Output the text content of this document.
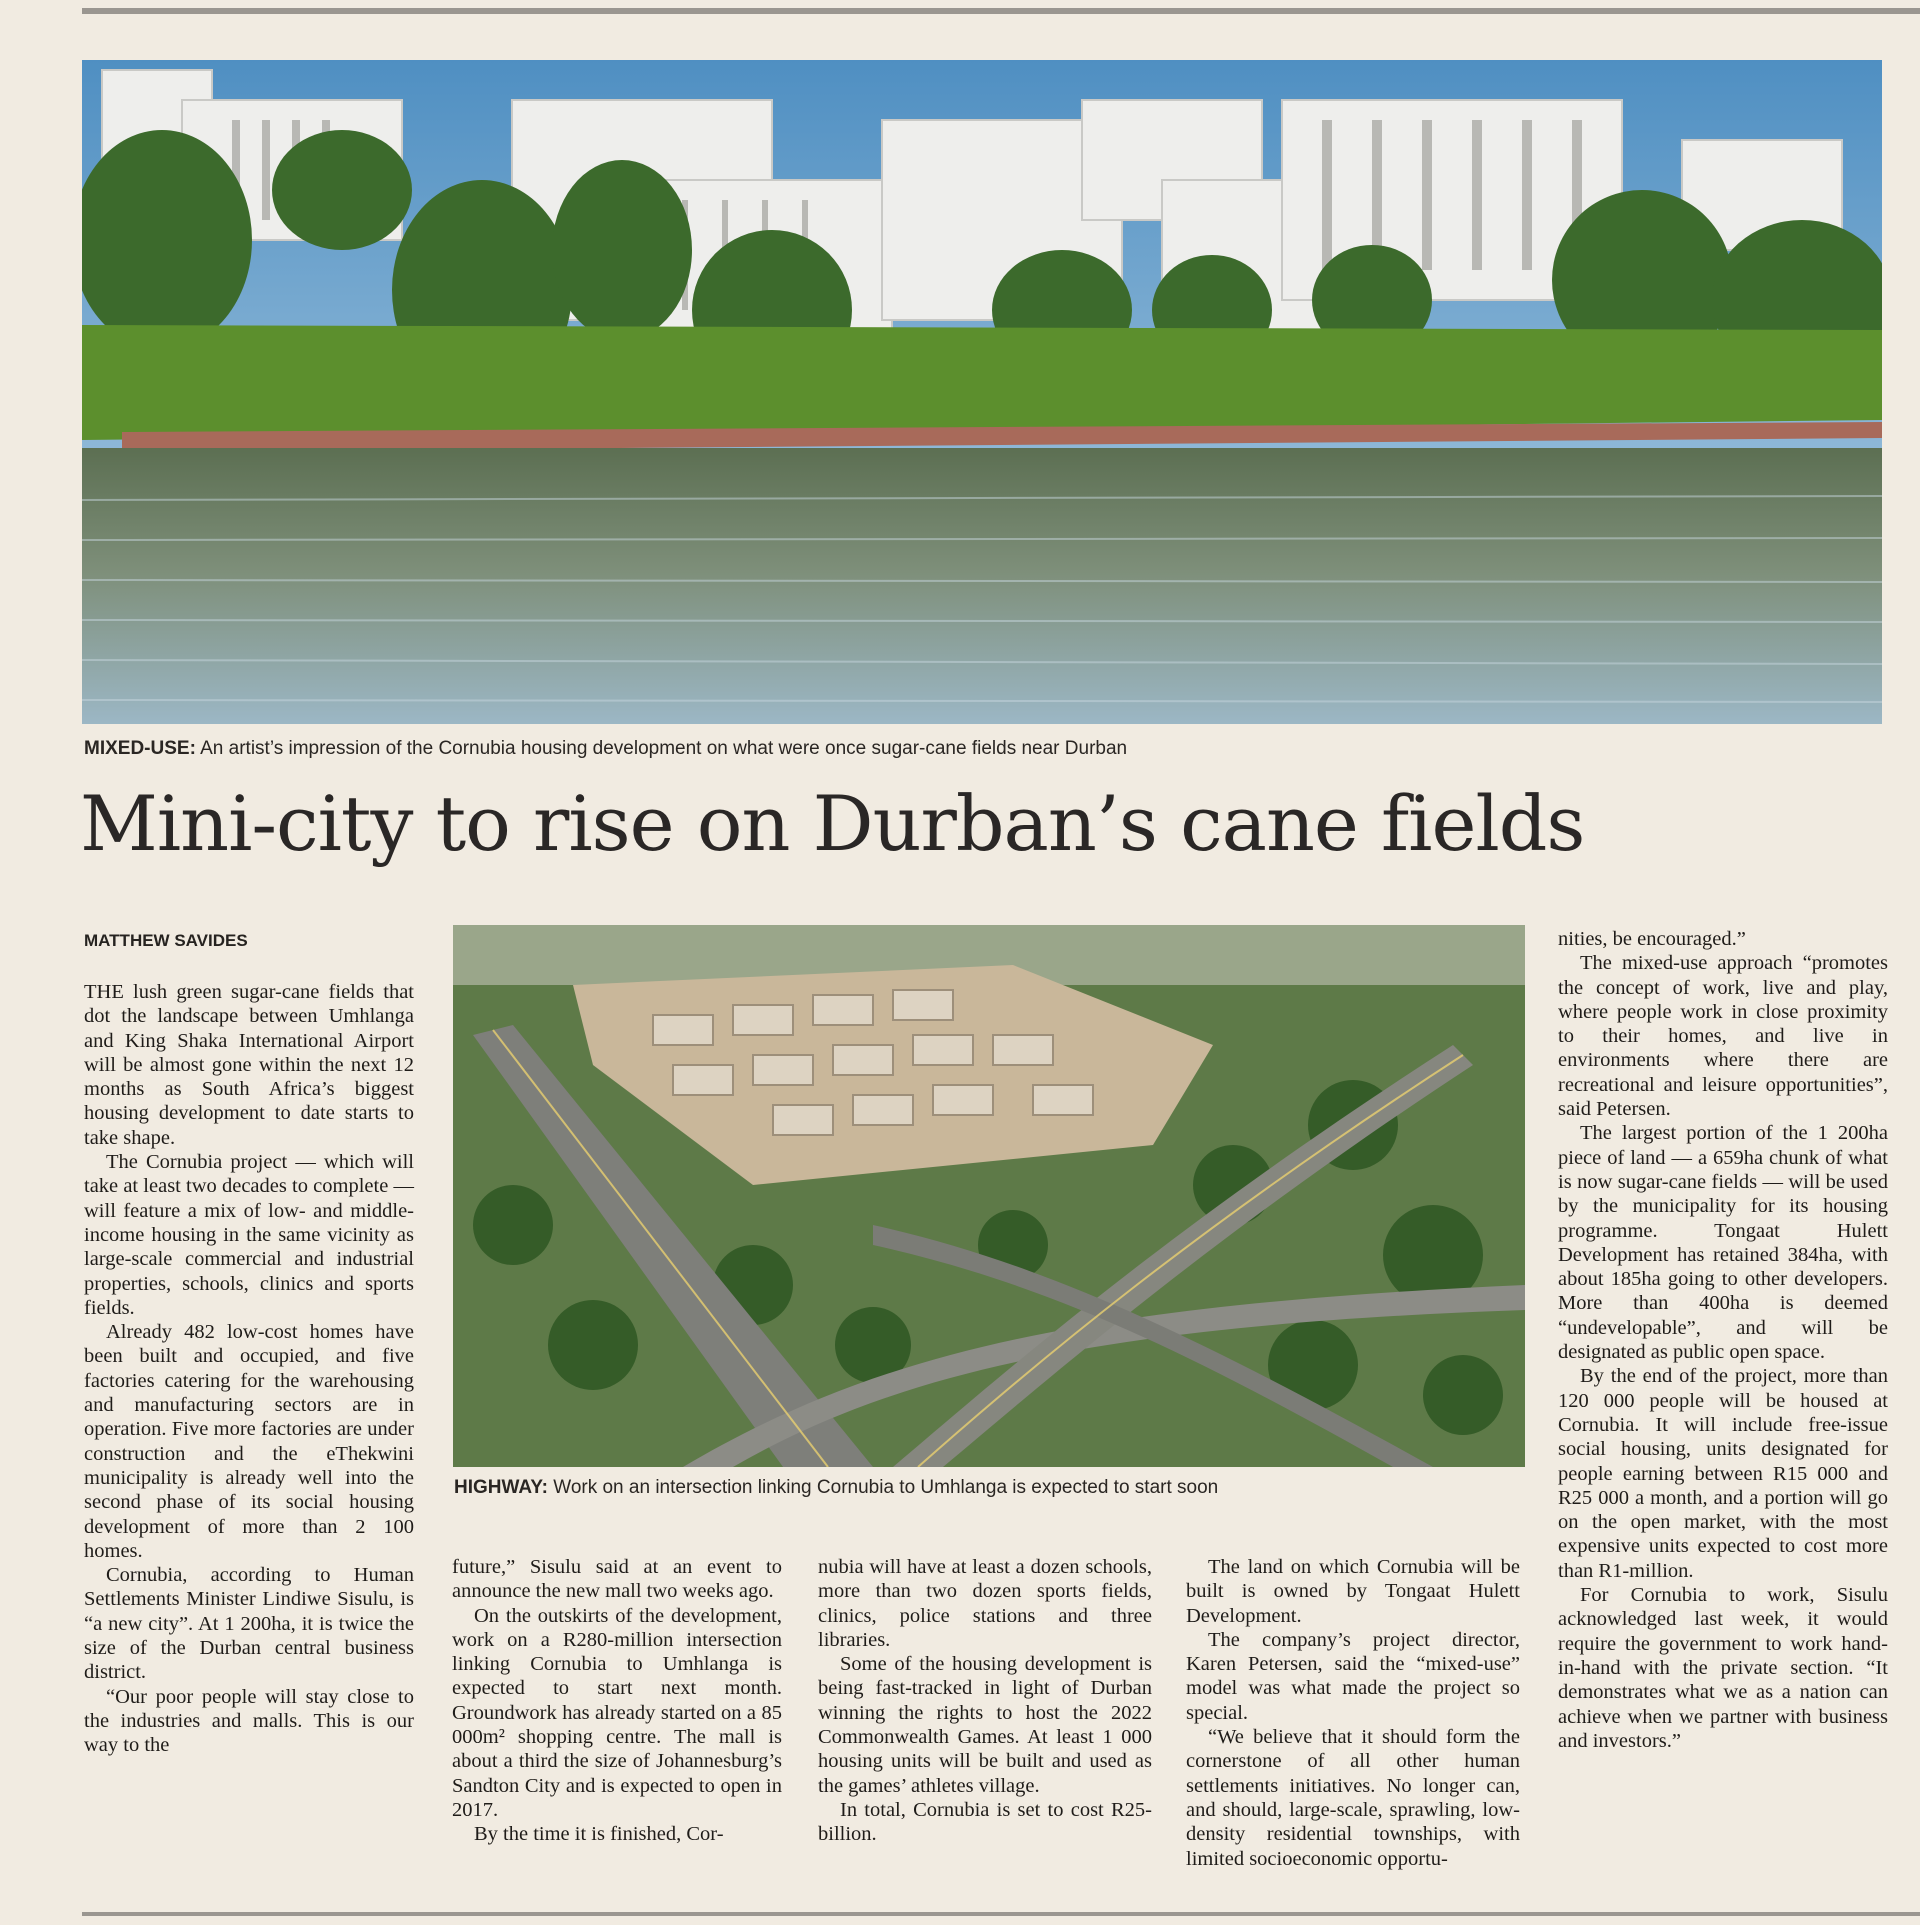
MIXED-USE: An artist’s impression of the Cornubia housing development on what were once sugar-cane fields near Durban
Mini-city to rise on Durban’s cane fields
MATTHEW SAVIDES
HIGHWAY: Work on an intersection linking Cornubia to Umhlanga is expected to start soon

THE lush green sugar-cane fields that dot the landscape between Umhlanga and King Shaka International Airport will be almost gone within the next 12 months as South Africa’s biggest housing development to date starts to take shape.

The Cornubia project — which will take at least two decades to complete — will feature a mix of low- and middle-income housing in the same vicinity as large-scale commercial and industrial properties, schools, clinics and sports fields.

Already 482 low-cost homes have been built and occupied, and five factories catering for the warehousing and manufacturing sectors are in operation. Five more factories are under construction and the eThekwini municipality is already well into the second phase of its social housing development of more than 2 100 homes.

Cornubia, according to Human Settlements Minister Lindiwe Sisulu, is “a new city”. At 1 200ha, it is twice the size of the Durban central business district.

“Our poor people will stay close to the industries and malls. This is our way to the

future,” Sisulu said at an event to announce the new mall two weeks ago.

On the outskirts of the development, work on a R280-million intersection linking Cornubia to Umhlanga is expected to start next month. Groundwork has already started on a 85 000m² shopping centre. The mall is about a third the size of Johannesburg’s Sandton City and is expected to open in 2017.

By the time it is finished, Cor-

nubia will have at least a dozen schools, more than two dozen sports fields, clinics, police stations and three libraries.

Some of the housing development is being fast-tracked in light of Durban winning the rights to host the 2022 Commonwealth Games. At least 1 000 housing units will be built and used as the games’ athletes village.

In total, Cornubia is set to cost R25-billion.

The land on which Cornubia will be built is owned by Tongaat Hulett Development.

The company’s project director, Karen Petersen, said the “mixed-use” model was what made the project so special.

“We believe that it should form the cornerstone of all other human settlements initiatives. No longer can, and should, large-scale, sprawling, low-density residential townships, with limited socioeconomic opportu-

nities, be encouraged.”

The mixed-use approach “promotes the concept of work, live and play, where people work in close proximity to their homes, and live in environments where there are recreational and leisure opportunities”, said Petersen.

The largest portion of the 1 200ha piece of land — a 659ha chunk of what is now sugar-cane fields — will be used by the municipality for its housing programme. Tongaat Hulett Development has retained 384ha, with about 185ha going to other developers. More than 400ha is deemed “undevelopable”, and will be designated as public open space.

By the end of the project, more than 120 000 people will be housed at Cornubia. It will include free-issue social housing, units designated for people earning between R15 000 and R25 000 a month, and a portion will go on the open market, with the most expensive units expected to cost more than R1-million.

For Cornubia to work, Sisulu acknowledged last week, it would require the government to work hand-in-hand with the private section. “It demonstrates what we as a nation can achieve when we partner with business and investors.”
